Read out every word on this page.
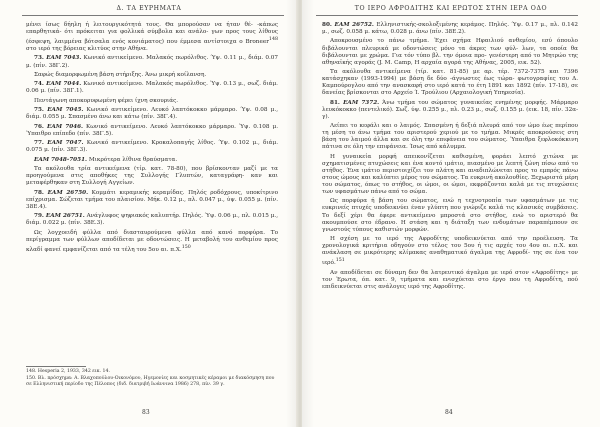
Δ. ΤΑ ΕΥΡΗΜΑΤΑ

μένει ίσως δήηλη ή λειτουργικότητά τους. Θα μπορούσαν να ήταν θέ- -κάπως επαρθητικά- ότι πρόκειται για φολλικά σύμβολα και ανάλο- γων προς τους λίθους (έσφεψη, λαιμμένα βότσαλα ενός κονιάματος) που έμμεσα αντίστοιχα ο Broneer$^{148}$ στο ιερό της βόρειας κλιτύος στην Αθήνα.

73. EAM 7043. Κωνικό αντικείμενο. Μαλακός πωρόλιθος. Ύψ. 0.11 μ., διάμ. 0.07 μ. (πίν. 38Γ.2).

Σαφώς διαμορφωμένη βάση στήριξης. Άνω μικρή κοίλανση.

74. EAM 7044. Κωνικό αντικείμενο. Μαλακός πωρόλιθος. Ύψ. 0.13 μ., σωζ. διάμ. 0.06 μ. (πίν. 38Γ.1).

Πεντάγωνη αποκορυφωμένη φέρει ίχνη σκουριάς.

75. EAM 7045. Κωνικό αντικείμενο. Λευκό λαπτόκοκκο μάρμαρο. Ύψ. 0.08 μ., διάμ. 0.055 μ. Σπασμένο άνω και κάτω (πίν. 38Γ.4).

76. EAM 7046. Κωνικό αντικείμενο. Λευκό λαπτόκοκκο μάρμαρο. Ύψ. 0.108 μ. Ύπαιθρο επίπεδο (πίν. 38Γ.5).

77. EAM 7047. Κωνικό αντικείμενο. Κροκαλοπαγής λίθος. Ύψ. 0.102 μ., διάμ. 0.075 μ. (πίν. 38Γ.3).

EAM 7048-7051. Μικρότερα λίθινα θραύσματα.

Τα ακόλουθα τρία αντικείμενα (τίρ. κατ. 78-80), που βρίσκονταν μαζί με τα προηγούμενα στις αποθήκες της Συλλογής Γλυπτών, καταγράφη- καν και μεταφέρθηκαν στη Συλλογή Αγγείων.

78. EAM 26750. Κομμάτι κεραμικής κεραμίδας. Πηλός ροδόχρους, υποκίτρινο επίχρισμα. Σώζεται τμήμα του πλαισίου. Μήκ. 0.12 μ., πλ. 0.047 μ., ύψ. 0.055 μ. (πίν. 38Ε.4).

79. EAM 26751. Ανάγλυφος ψηφιακός καλυπτήρ. Πηλός. Ύψ. 0.06 μ., πλ. 0.015 μ., διάμ. 0.022 μ. (πίν. 38Ε.3).

Ως λογχοειδή φύλλα από διασταυρούμενα φύλλα από κανό πορφύρα. Το περίγραμμα των φύλλων αποδίδεται με οδοντώσεις. Η μεταβολή του ανθεμίου προς κλαδί φανεί εμφανίζεται από τα τέλη του 5ου αι. π.Χ.$^{150}$

148. Hesperia 2, 1933, 342 εικ. 14.

150. Βλ. πρόσχημα: Α. Βλαχοπούλου-Οικονόμου, Ηγεμονίες και κοσμητικές κέραμοι με διακόσμηση που σε Ελληνιστική περίοδο της Πέλοπος (διδ. διατριβή Ιωάννινα 1986) 278, πίν. 39 γ.

83
ΤΟ ΙΕΡΟ ΑΦΡΟΔΙΤΗΣ ΚΑΙ ΕΡΩΤΟΣ ΣΤΗΝ ΙΕΡΑ ΟΔΟ

80. EAM 26752. Ελληνιστικής-σκολοξιμένης κεράμος. Πηλός. Ύψ. 0.17 μ., πλ. 0.142 μ., σωζ. 0.058 μ. κάτω, 0.028 μ. άνω (πίν. 38Ε.2).

Αποκρουσμένο το πάνω τμήμα. Έχει σχήμα Ηφαιλιού ανθεμίου, εσύ όπουλο διβάλουνται πλευρικά με οδοντώσεις μόνο τα άκρες των φύλ- λων, τα οποία θα διβάλουνται με χρώμα. Για τόν τύπο βλ. την όμοια προ- γενέστερη από το Μητρώο της αθηναϊκής αγοράς (J. M. Camp, Η αρχαία αγορά της Αθήνας, 2005, εικ. 52).

Τα ακόλουθα αντικείμενα (τίρ. κατ. 81-85) με αρ. τέρ. 7372-7375 και 7396 κατάσχηκαν (1993-1994) με βάση δε δύο -άγνωστες έως τώρα- φωτογραφίες του Δ. Καμπούρογλου από την ανασκαφή στο ιερό κατά το έτη 1891 και 1892 (πίν. 17-18), σε δανείας βρίσκονται στο Αρχείο Ί. Τρούλιου (Αρχαιολογική Υπηρεσία).

81. EAM 7372. Άνω τμήμα του σώματος γυναικείας ενημένης μορφής. Μάρμαρο λευκόκοκκο (πεντελικό). Σωζ. ύψ. 0.255 μ., πλ. 0.23 μ., σωζ. 0.155 μ. (εικ. 18, πίν. 32α-γ).

Λείπει το κεφάλι και ο λαιμός. Σπασμένη ή δεξιά πλευρά από τον ώμο έως περίπου τη μέση το άνω τμήμα του αριστερού χεριού με το τμήμα. Μικρές αποκρούσεις στη βάση του λαιμού άλλα και σε όλη την επιφάνεια του σώματος. Ύπαιθρα ξεφλοκόκκινη πάτινα σε όλη την επιφάνεια. Ίσως από κάλυμμα.

Η γυναικεία μορφή απεικονίζεται καθισμένη, φοράει λεπτό χιτώνα με σχηματισμένες πτυχώσεις και ένα κοντό ιμάτιο, πιασμένο με λεπτή ζώνη πίσω από το στήθος. Ένα ιμάτιο περιστοιχίζει τον πλάτη και αναδιπλώνεται προς το εμπρός πάνω στους ώμους και καλύπτει μέρος του σώματος. Τα ευκρινή ακολουθίες. Ξεχωριστά μέρη του σώματος, όπως το στήθος, οι ώμοι, οι ώμοι, εκφράζονται καλά με τις πτυχώσεις των υφασμάτων πάνω από το σώμα.

Ως πορφύρα ή βάση του σώματος, ενώ η τεχνοτροπία των υφασμάτων με τις ευκρινείς πτυχές υποδεικνύει έναν γλύπτη που γνώριζε καλά τις κλασικές συμβάσεις. Το δεξί χέρι θα έφερε αντικείμενο μπροστά στο στήθος, ενώ το αριστερό θα ακουμπούσε στο έδρανο. Η στάση και η διάταξη των ενδυμάτων παραπέμπουν σε γνωστούς τύπους καθιστών μορφών.

Η σχέση με το ιερό της Αφροδίτης υποδεικνύεται από την προέλευση. Τα χρονολογικά κριτήρια οδηγούν στο τέλος του 5ου ή τις αρχές του 4ου αι. π.Χ. και ανάκλαση σε μικρότερης κλίμακας αναθηματικό άγαλμα της Αφροδί- της σε ένα τον ιερό.$^{151}$

Αν αποδίδεται σε δύναμη δεν θα λατρευτικό άγαλμα με ιερό στον «Αφροδίτης» με τον Έρωτα, όπ. κατ. 9, τμήματα και ενισχύεται στο έργο που τη Αφροδίτη, πού επιδεικνύεται στις ανάλογες ιερό της Αφροδίτης.

84
